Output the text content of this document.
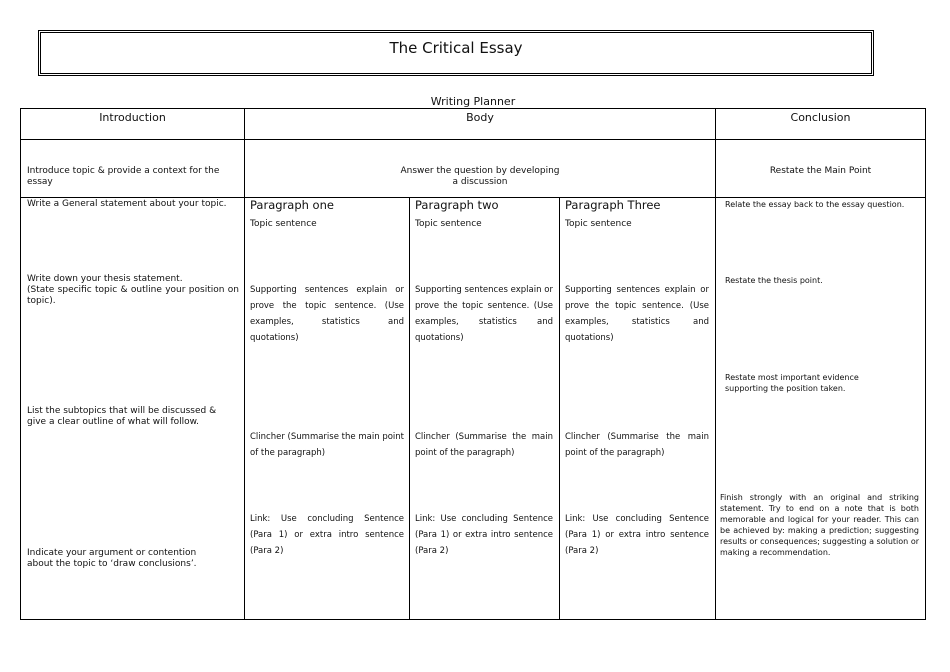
The Critical Essay
Writing Planner
Introduction	Body	Conclusion
Introduce topic & provide a context for the essay
Answer the question by developing
a discussion
Restate the Main Point
Write a General statement about your topic.
Write down your thesis statement.
(State specific topic & outline your position on topic).
List the subtopics that will be discussed &
give a clear outline of what will follow.
Indicate your argument or contention
about the topic to ‘draw conclusions’.
Paragraph one
Topic sentence
Supporting sentences explain or prove the topic sentence. (Use examples, statistics and quotations)
Clincher (Summarise the main point of the paragraph)
Link: Use concluding Sentence (Para 1) or extra intro sentence (Para 2)
Paragraph two
Topic sentence
Supporting sentences explain or prove the topic sentence. (Use examples, statistics and quotations)
Clincher (Summarise the main point of the paragraph)
Link: Use concluding Sentence (Para 1) or extra intro sentence (Para 2)
Paragraph Three
Topic sentence
Supporting sentences explain or prove the topic sentence. (Use examples, statistics and quotations)
Clincher (Summarise the main point of the paragraph)
Link: Use concluding Sentence (Para 1) or extra intro sentence (Para 2)
Relate the essay back to the essay question.
Restate the thesis point.
Restate most important evidence
supporting the position taken.
Finish strongly with an original and striking statement. Try to end on a note that is both memorable and logical for your reader. This can be achieved by: making a prediction; suggesting results or consequences; suggesting a solution or making a recommendation.
